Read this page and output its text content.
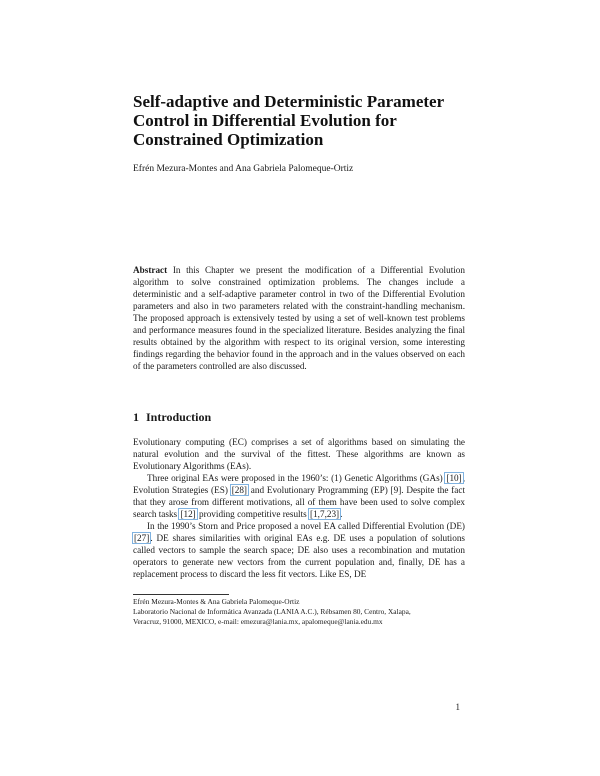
Self-adaptive and Deterministic Parameter
Control in Differential Evolution for
Constrained Optimization
Efrén Mezura-Montes and Ana Gabriela Palomeque-Ortiz
Abstract In this Chapter we present the modification of a Differential Evolution algorithm to solve constrained optimization problems. The changes include a deterministic and a self-adaptive parameter control in two of the Differential Evolution parameters and also in two parameters related with the constraint-handling mechanism. The proposed approach is extensively tested by using a set of well-known test problems and performance measures found in the specialized literature. Besides analyzing the final results obtained by the algorithm with respect to its original version, some interesting findings regarding the behavior found in the approach and in the values observed on each of the parameters controlled are also discussed.
1 Introduction

Evolutionary computing (EC) comprises a set of algorithms based on simulating the natural evolution and the survival of the fittest. These algorithms are known as Evolutionary Algorithms (EAs).

Three original EAs were proposed in the 1960’s: (1) Genetic Algorithms (GAs) [10], Evolution Strategies (ES) [28] and Evolutionary Programming (EP) [9]. Despite the fact that they arose from different motivations, all of them have been used to solve complex search tasks [12] providing competitive results [1,7,23].

In the 1990’s Storn and Price proposed a novel EA called Differential Evolution (DE) [27]. DE shares similarities with original EAs e.g. DE uses a population of solutions called vectors to sample the search space; DE also uses a recombination and mutation operators to generate new vectors from the current population and, finally, DE has a replacement process to discard the less fit vectors. Like ES, DE

Efrén Mezura-Montes & Ana Gabriela Palomeque-Ortiz
Laboratorio Nacional de Informática Avanzada (LANIA A.C.), Rébsamen 80, Centro, Xalapa,
Veracruz, 91000, MEXICO, e-mail: emezura@lania.mx, apalomeque@lania.edu.mx
1
